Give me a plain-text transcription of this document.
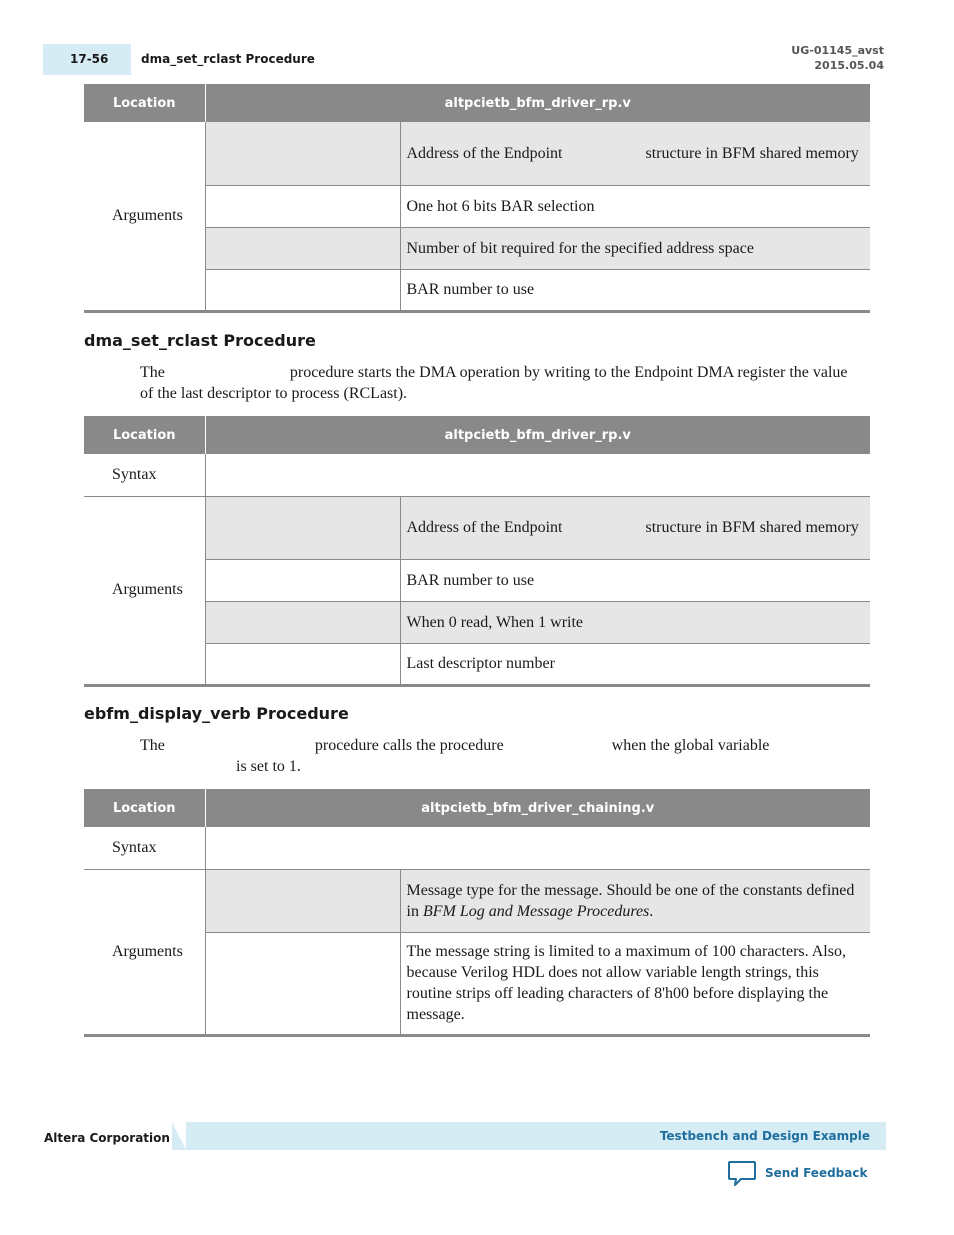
17-56	dma_set_rclast Procedure
UG-01145_avst
2015.05.04
Location	altpcietb_bfm_driver_rp.v	
Arguments		Address of the Endpoint structure in BFM shared memory
		One hot 6 bits BAR selection
		Number of bit required for the specified address space
		BAR number to use
dma_set_rclast Procedure
The	procedure starts the DMA operation by writing to the Endpoint DMA register the value of the last descriptor to process (RCLast).
Location	altpcietb_bfm_driver_rp.v	
Syntax		
Arguments		Address of the Endpoint structure in BFM shared memory
		BAR number to use
		When 0 read, When 1 write
		Last descriptor number
ebfm_display_verb Procedure
The	procedure calls the procedure	when the global variable
is set to 1.
Location	altpcietb_bfm_driver_chaining.v	
Syntax		
Arguments		Message type for the message. Should be one of the constants defined in BFM Log and Message Procedures.
		The message string is limited to a maximum of 100 characters. Also, because Verilog HDL does not allow variable length strings, this routine strips off leading characters of 8'h00 before displaying the message.
Altera Corporation	Testbench and Design Example
Send Feedback
